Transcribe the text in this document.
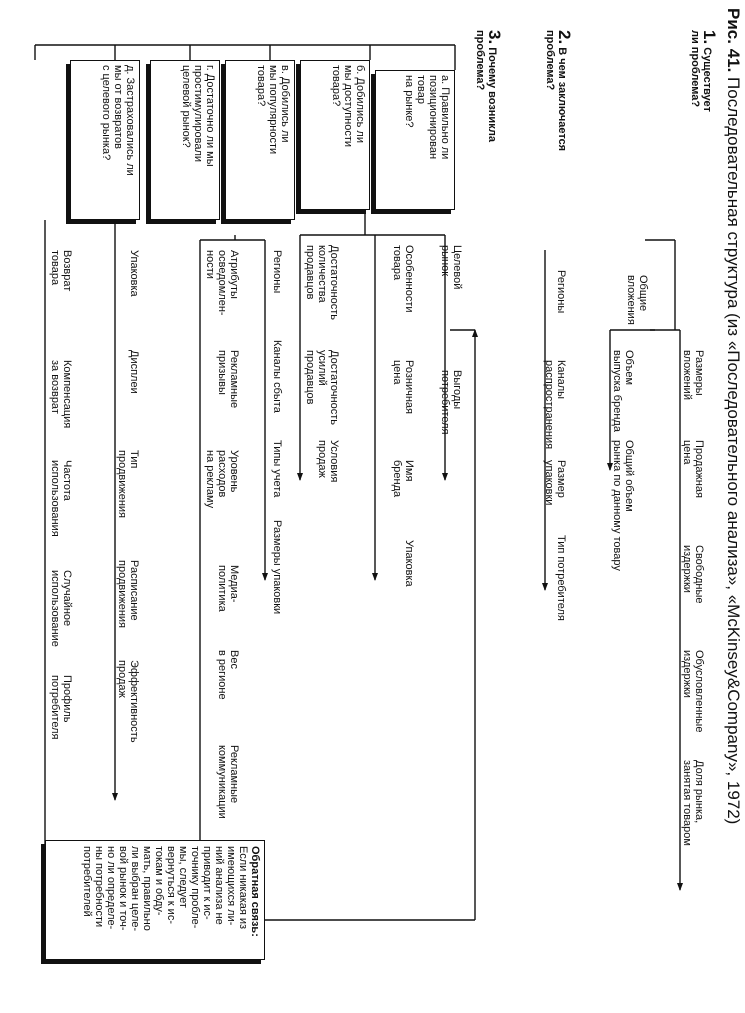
Рис. 41. Последовательная структура (из «Последовательного анализа», «McKinsey&Company», 1972)
1. Существует
ли проблема?
Общие
вложения
Размеры
вложений
Продажная
цена
Свободные
издержки
Обусловленные
издержки
Доля рынка,
занятая товаром
Объем
выпуска бренда
Общий объем
рынка по данному товару
2. В чем заключается
проблема?
Регионы
Каналы
распространения
Размер
упаковки
Тип потребителя
3. Почему возникла
проблема?
а. Правильно ли
позиционирован
товар
на рынке?
б. Добились ли
мы доступности
товара?
в. Добились ли
мы популярности
товара?
г. Достаточно ли мы
простимулировали
целевой рынок?
д. Застраховались ли
мы от возвратов
с целевого рынка?
Целевой
рынок
Выгоды
потребителя
Особенности
товара
Розничная
цена
Имя
бренда
Упаковка
Достаточность
количества
продавцов
Достаточность
усилий
продавцов
Условия
продаж
Регионы
Каналы сбыта
Типы учета
Размеры упаковки
Атрибуты
осведомлен-
ности
Рекламные
призывы
Уровень
расходов
на рекламу
Медиа-
политика
Вес
в регионе
Рекламные
коммуникации
Упаковка
Дисплеи
Тип
продвижения
Расписание
продвижения
Эффективность
продаж
Возврат
товара
Компенсация
за возврат
Частота
использования
Случайное
использование
Профиль
потребителя
Обратная связь:
Если никакая из
имеющихся ли-
ний анализа не
приводит к ис-
точнику пробле-
мы, следует
вернуться к ис-
токам и обду-
мать, правильно
ли выбран целе-
вой рынок и точ-
но ли определе-
ны потребности
потребителей
